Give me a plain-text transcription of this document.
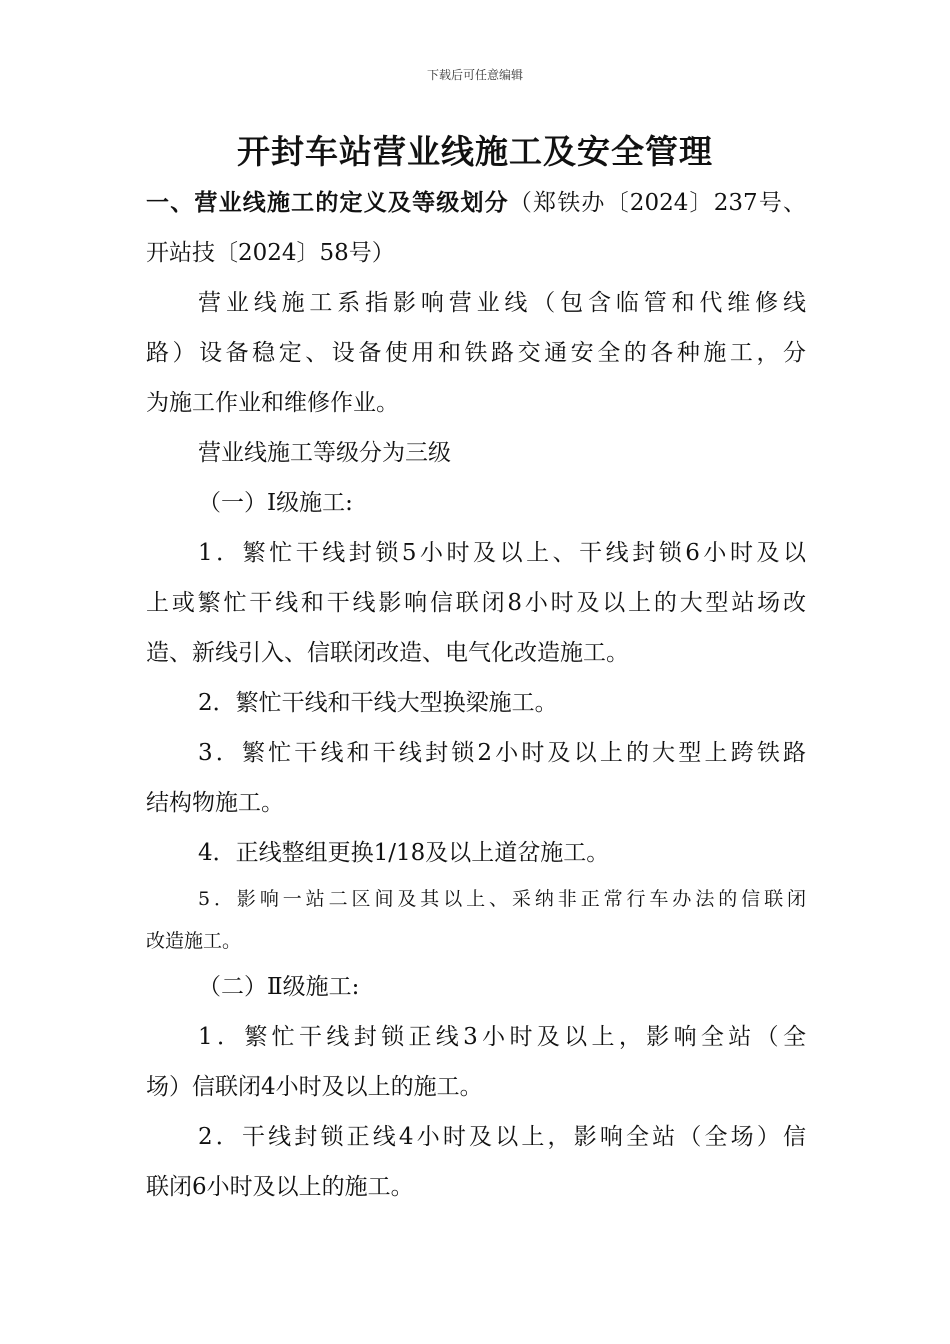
下载后可任意编辑
开封车站营业线施工及安全管理
一、营业线施工的定义及等级划分（郑铁办〔2024〕237号、
开站技〔2024〕58号）
营业线施工系指影响营业线（包含临管和代维修线
路）设备稳定、设备使用和铁路交通安全的各种施工，分
为施工作业和维修作业。
营业线施工等级分为三级
（一）Ⅰ级施工:
1．繁忙干线封锁5小时及以上、干线封锁6小时及以
上或繁忙干线和干线影响信联闭8小时及以上的大型站场改
造、新线引入、信联闭改造、电气化改造施工。
2．繁忙干线和干线大型换梁施工。
3．繁忙干线和干线封锁2小时及以上的大型上跨铁路
结构物施工。
4．正线整组更换1/18及以上道岔施工。
5．影响一站二区间及其以上、采纳非正常行车办法的信联闭
改造施工。
（二）Ⅱ级施工:
1．繁忙干线封锁正线3小时及以上，影响全站（全
场）信联闭4小时及以上的施工。
2．干线封锁正线4小时及以上，影响全站（全场）信
联闭6小时及以上的施工。
